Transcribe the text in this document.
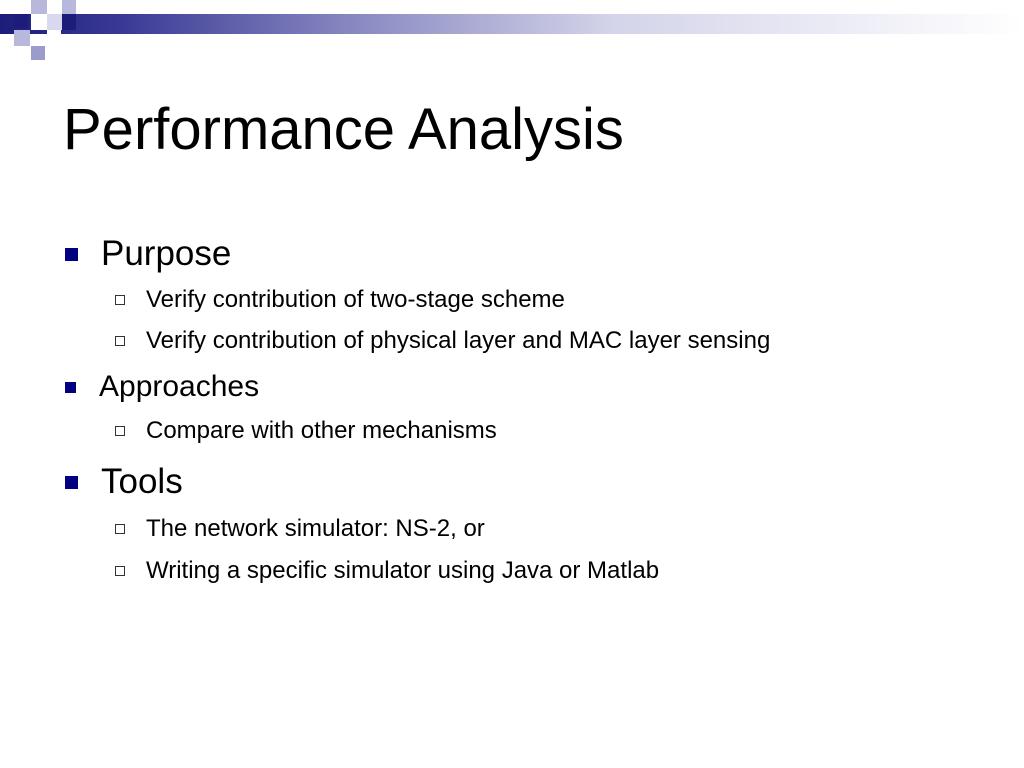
Performance Analysis
Purpose
Verify contribution of two-stage scheme
Verify contribution of physical layer and MAC layer sensing
Approaches
Compare with other mechanisms
Tools
The network simulator: NS-2, or
Writing a specific simulator using Java or Matlab
